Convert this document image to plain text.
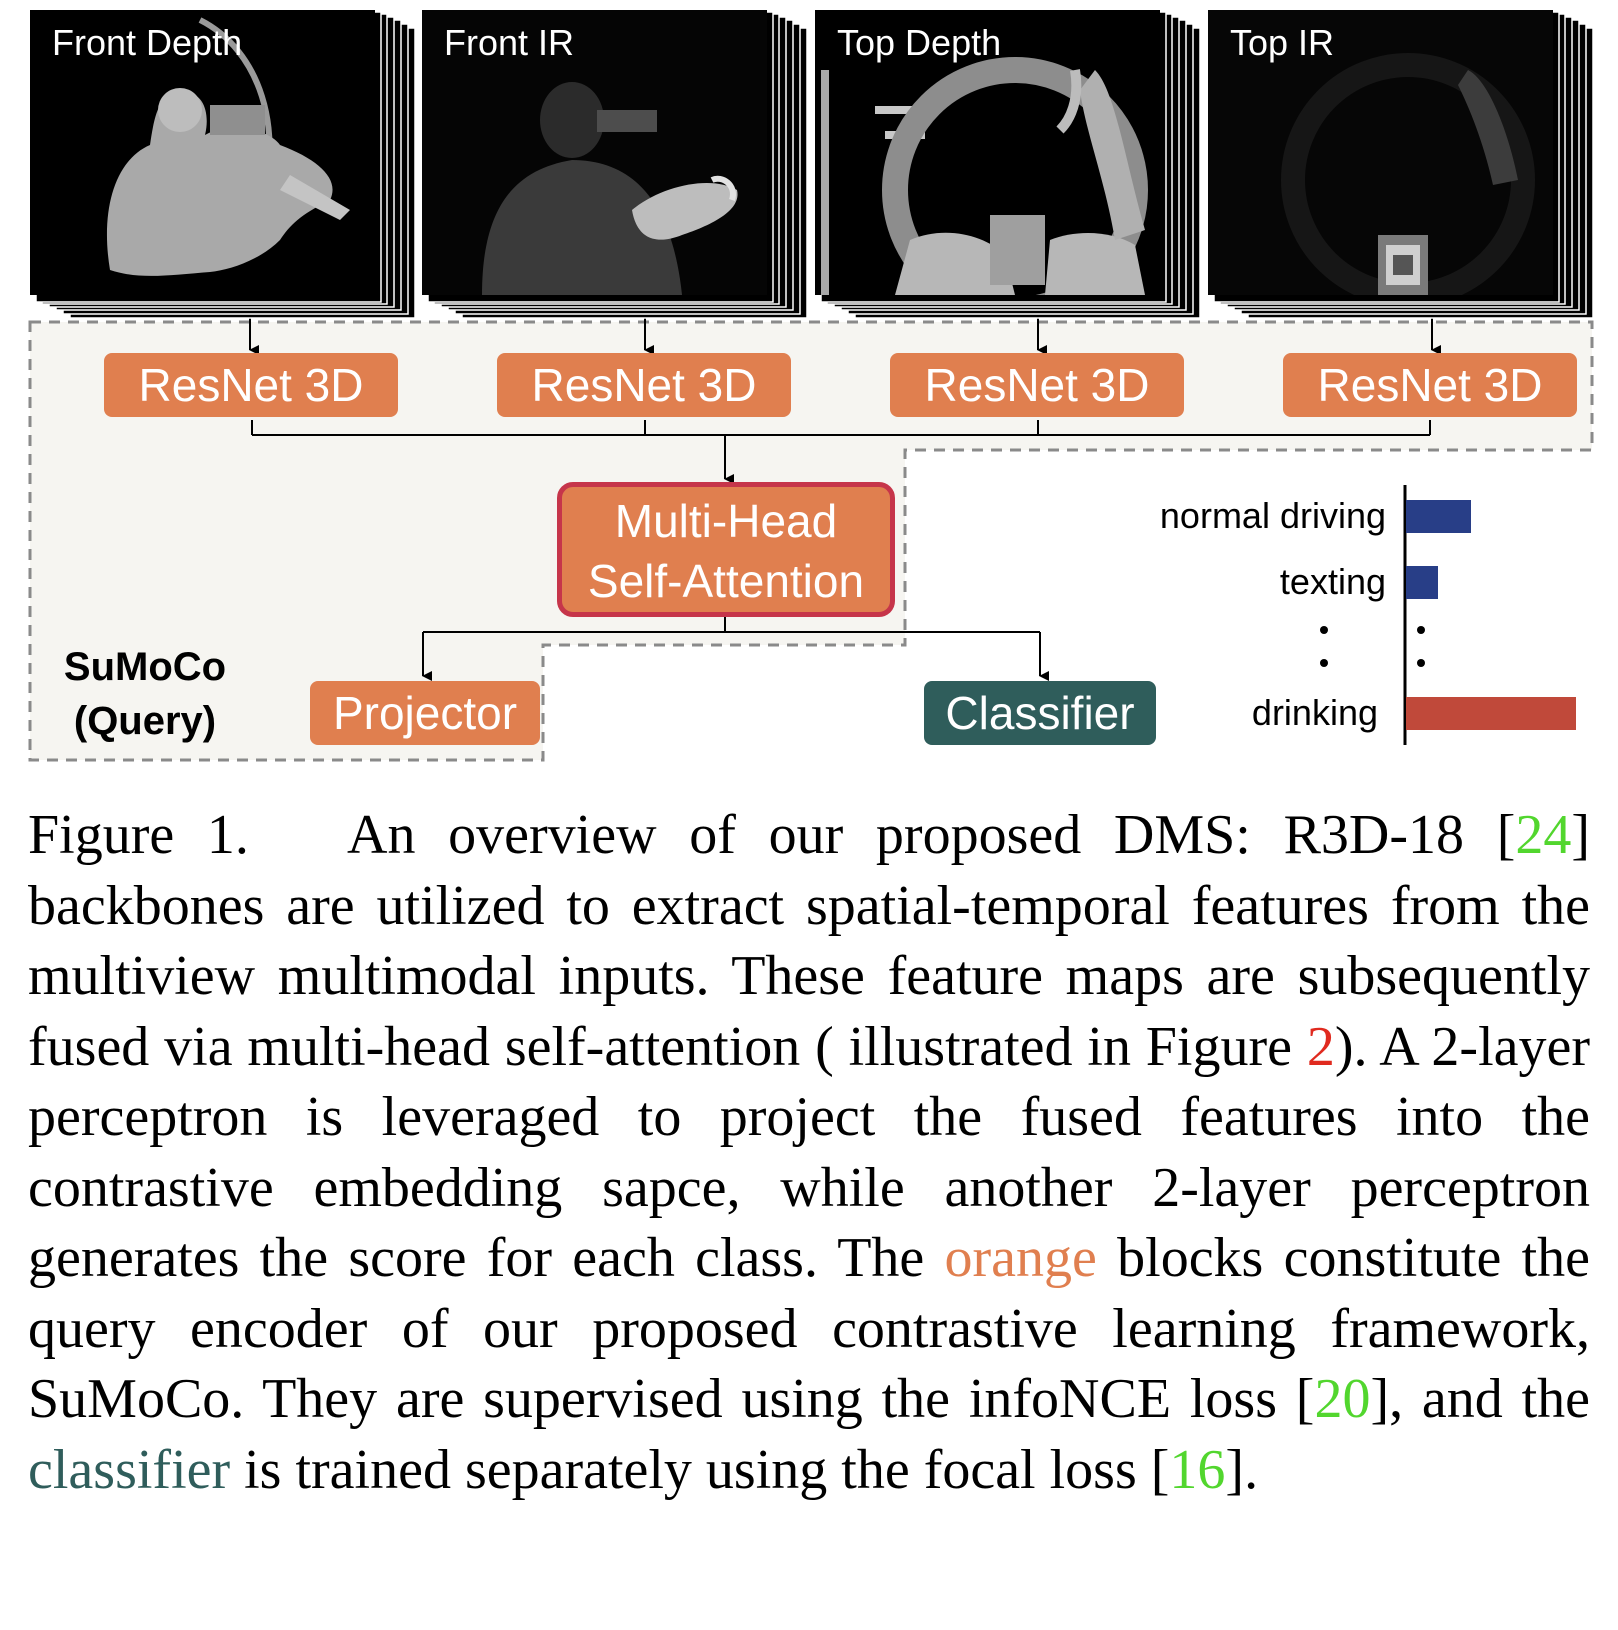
Front Depth	Front IR	Top Depth	Top IR
ResNet 3D	ResNet 3D	ResNet 3D	ResNet 3D
Multi-Head
Self-Attention
Projector	Classifier
SuMoCo
(Query)
normal driving
texting
drinking
Figure 1. An overview of our proposed DMS: R3D-18 [24] backbones are utilized to extract spatial-temporal features from the multiview multimodal inputs. These feature maps are subsequently fused via multi-head self-attention ( illustrated in Figure 2). A 2-layer perceptron is leveraged to project the fused features into the contrastive embedding sapce, while another 2-layer perceptron generates the score for each class. The orange blocks constitute the query encoder of our proposed contrastive learning framework, SuMoCo. They are supervised using the infoNCE loss [20], and the classifier is trained separately using the focal loss [16].
